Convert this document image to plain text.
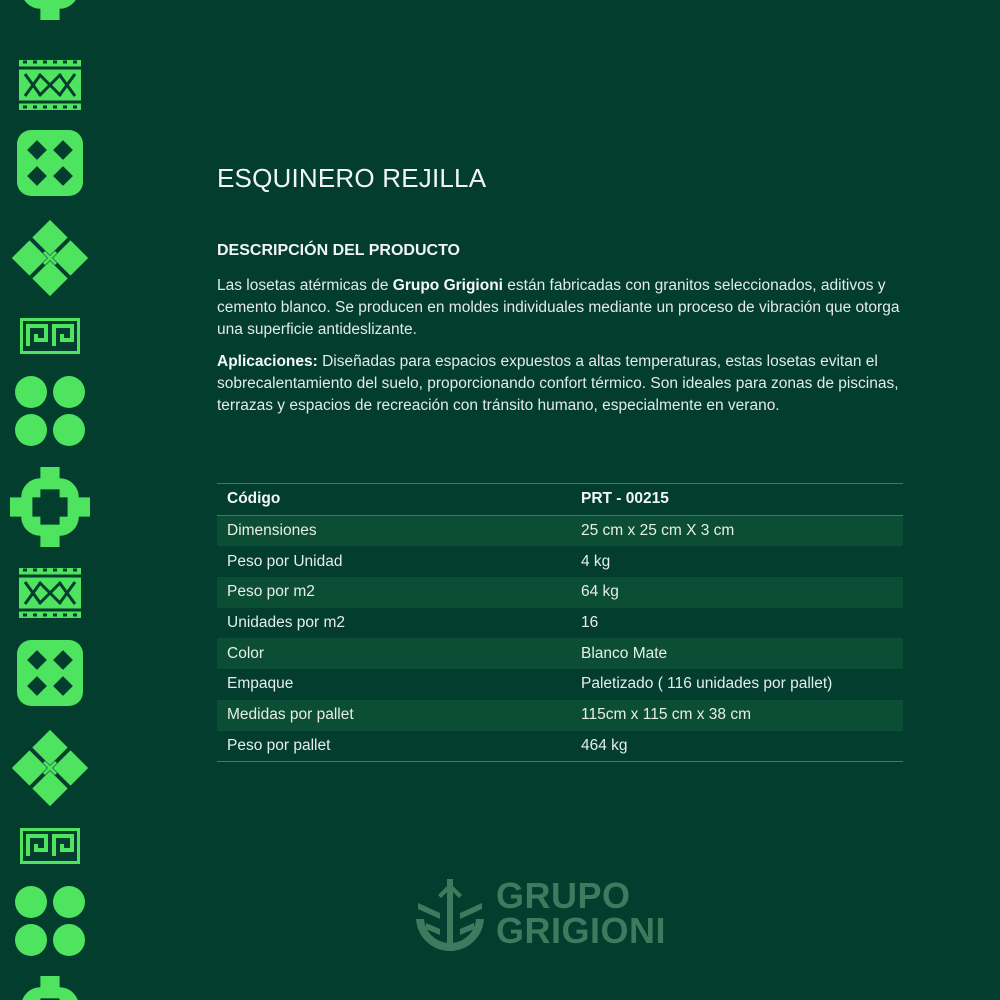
ESQUINERO REJILLA
DESCRIPCIÓN DEL PRODUCTO

Las losetas atérmicas de Grupo Grigioni están fabricadas con granitos seleccionados, aditivos y cemento blanco. Se producen en moldes individuales mediante un proceso de vibración que otorga una superficie antideslizante.

Aplicaciones: Diseñadas para espacios expuestos a altas temperaturas, estas losetas evitan el sobrecalentamiento del suelo, proporcionando confort térmico. Son ideales para zonas de piscinas, terrazas y espacios de recreación con tránsito humano, especialmente en verano.

Código	PRT - 00215
Dimensiones	25 cm x 25 cm X 3 cm
Peso por Unidad	4 kg
Peso por m2	64 kg
Unidades por m2	16
Color	Blanco Mate
Empaque	Paletizado ( 116 unidades por pallet)
Medidas por pallet	115cm x 115 cm x 38 cm
Peso por pallet	464 kg
GRUPO
GRIGIONI
